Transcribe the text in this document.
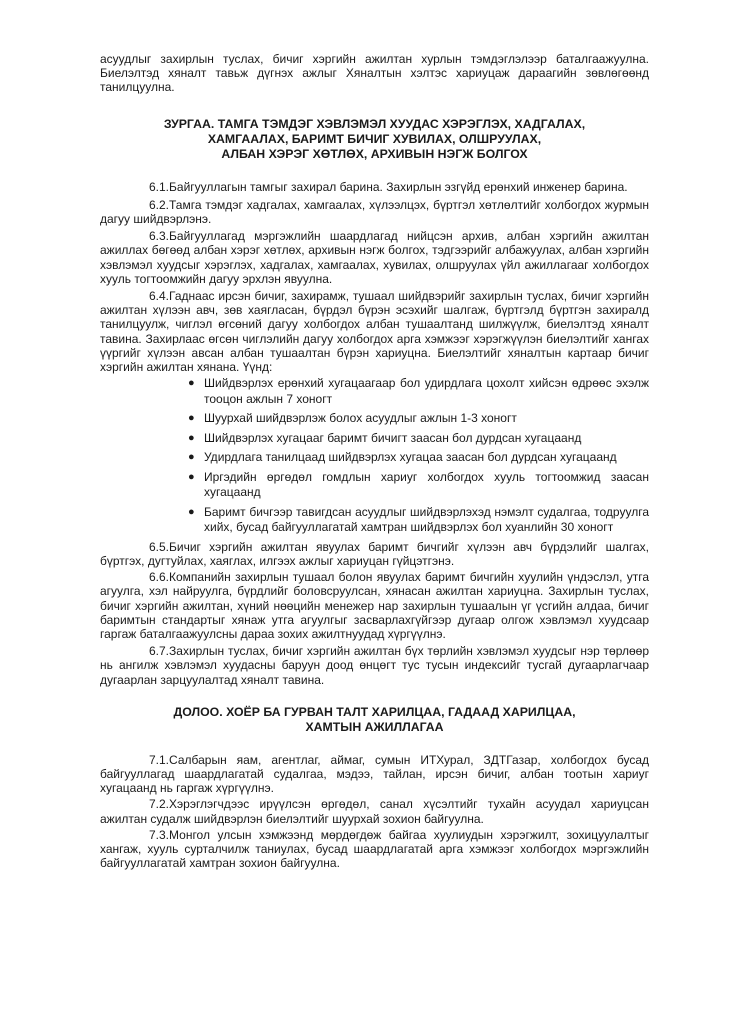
асуудлыг захирлын туслах, бичиг хэргийн ажилтан хурлын тэмдэглэлээр баталгаажуулна. Биелэлтэд хяналт тавьж дүгнэх ажлыг Хяналтын хэлтэс хариуцаж дараагийн зөвлөгөөнд танилцуулна.

ЗУРГАА. ТАМГА ТЭМДЭГ ХЭВЛЭМЭЛ ХУУДАС ХЭРЭГЛЭХ, ХАДГАЛАХ,
ХАМГААЛАХ, БАРИМТ БИЧИГ ХУВИЛАХ, ОЛШРУУЛАХ,
АЛБАН ХЭРЭГ ХӨТЛӨХ, АРХИВЫН НЭГЖ БОЛГОХ

6.1.Байгууллагын тамгыг захирал барина. Захирлын эзгүйд ерөнхий инженер барина.

6.2.Тамга тэмдэг хадгалах, хамгаалах, хүлээлцэх, бүртгэл хөтлөлтийг холбогдох журмын дагуу шийдвэрлэнэ.

6.3.Байгууллагад мэргэжлийн шаардлагад нийцсэн архив, албан хэргийн ажилтан ажиллах бөгөөд албан хэрэг хөтлөх, архивын нэгж болгох, тэдгээрийг албажуулах, албан хэргийн хэвлэмэл хуудсыг хэрэглэх, хадгалах, хамгаалах, хувилах, олшруулах үйл ажиллагааг холбогдох хууль тогтоомжийн дагуу эрхлэн явуулна.

6.4.Гаднаас ирсэн бичиг, захирамж, тушаал шийдвэрийг захирлын туслах, бичиг хэргийн ажилтан хүлээн авч, зөв хаягласан, бүрдэл бүрэн эсэхийг шалгаж, бүртгэлд бүртгэн захиралд танилцуулж, чиглэл өгсөний дагуу холбогдох албан тушаалтанд шилжүүлж, биелэлтэд хяналт тавина. Захирлаас өгсөн чиглэлийн дагуу холбогдох арга хэмжээг хэрэгжүүлэн биелэлтийг хангах үүргийг хүлээн авсан албан тушаалтан бүрэн хариуцна. Биелэлтийг хяналтын картаар бичиг хэргийн ажилтан хянана. Үүнд:

● Шийдвэрлэх ерөнхий хугацаагаар бол удирдлага цохолт хийсэн өдрөөс эхэлж тооцон ажлын 7 хоногт
● Шуурхай шийдвэрлэж болох асуудлыг ажлын 1-3 хоногт
● Шийдвэрлэх хугацааг баримт бичигт заасан бол дурдсан хугацаанд
● Удирдлага танилцаад шийдвэрлэх хугацаа заасан бол дурдсан хугацаанд
● Иргэдийн өргөдөл гомдлын хариуг холбогдох хууль тогтоомжид заасан хугацаанд
● Баримт бичгээр тавигдсан асуудлыг шийдвэрлэхэд нэмэлт судалгаа, тодруулга хийх, бусад байгууллагатай хамтран шийдвэрлэх бол хуанлийн 30 хоногт

6.5.Бичиг хэргийн ажилтан явуулах баримт бичгийг хүлээн авч бүрдэлийг шалгах, бүртгэх, дугтуйлах, хаяглах, илгээх ажлыг хариуцан гүйцэтгэнэ.

6.6.Компанийн захирлын тушаал болон явуулах баримт бичгийн хуулийн үндэслэл, утга агуулга, хэл найруулга, бүрдлийг боловсруулсан, хянасан ажилтан хариуцна. Захирлын туслах, бичиг хэргийн ажилтан, хүний нөөцийн менежер нар захирлын тушаалын үг үсгийн алдаа, бичиг баримтын стандартыг хянаж утга агуулгыг засварлахгүйгээр дугаар олгож хэвлэмэл хуудсаар гаргаж баталгаажуулсны дараа зохих ажилтнуудад хүргүүлнэ.

6.7.Захирлын туслах, бичиг хэргийн ажилтан бүх төрлийн хэвлэмэл хуудсыг нэр төрлөөр нь ангилж хэвлэмэл хуудасны баруун доод өнцөгт тус тусын индексийг тусгай дугаарлагчаар дугаарлан зарцуулалтад хяналт тавина.

ДОЛОО. ХОЁР БА ГУРВАН ТАЛТ ХАРИЛЦАА, ГАДААД ХАРИЛЦАА,
ХАМТЫН АЖИЛЛАГАА

7.1.Салбарын яам, агентлаг, аймаг, сумын ИТХурал, ЗДТГазар, холбогдох бусад байгууллагад шаардлагатай судалгаа, мэдээ, тайлан, ирсэн бичиг, албан тоотын хариуг хугацаанд нь гаргаж хүргүүлнэ.

7.2.Хэрэглэгчдээс ирүүлсэн өргөдөл, санал хүсэлтийг тухайн асуудал хариуцсан ажилтан судалж шийдвэрлэн биелэлтийг шуурхай зохион байгуулна.

7.3.Монгол улсын хэмжээнд мөрдөгдөж байгаа хуулиудын хэрэгжилт, зохицуулалтыг хангаж, хууль сурталчилж таниулах, бусад шаардлагатай арга хэмжээг холбогдох мэргэжлийн байгууллагатай хамтран зохион байгуулна.
